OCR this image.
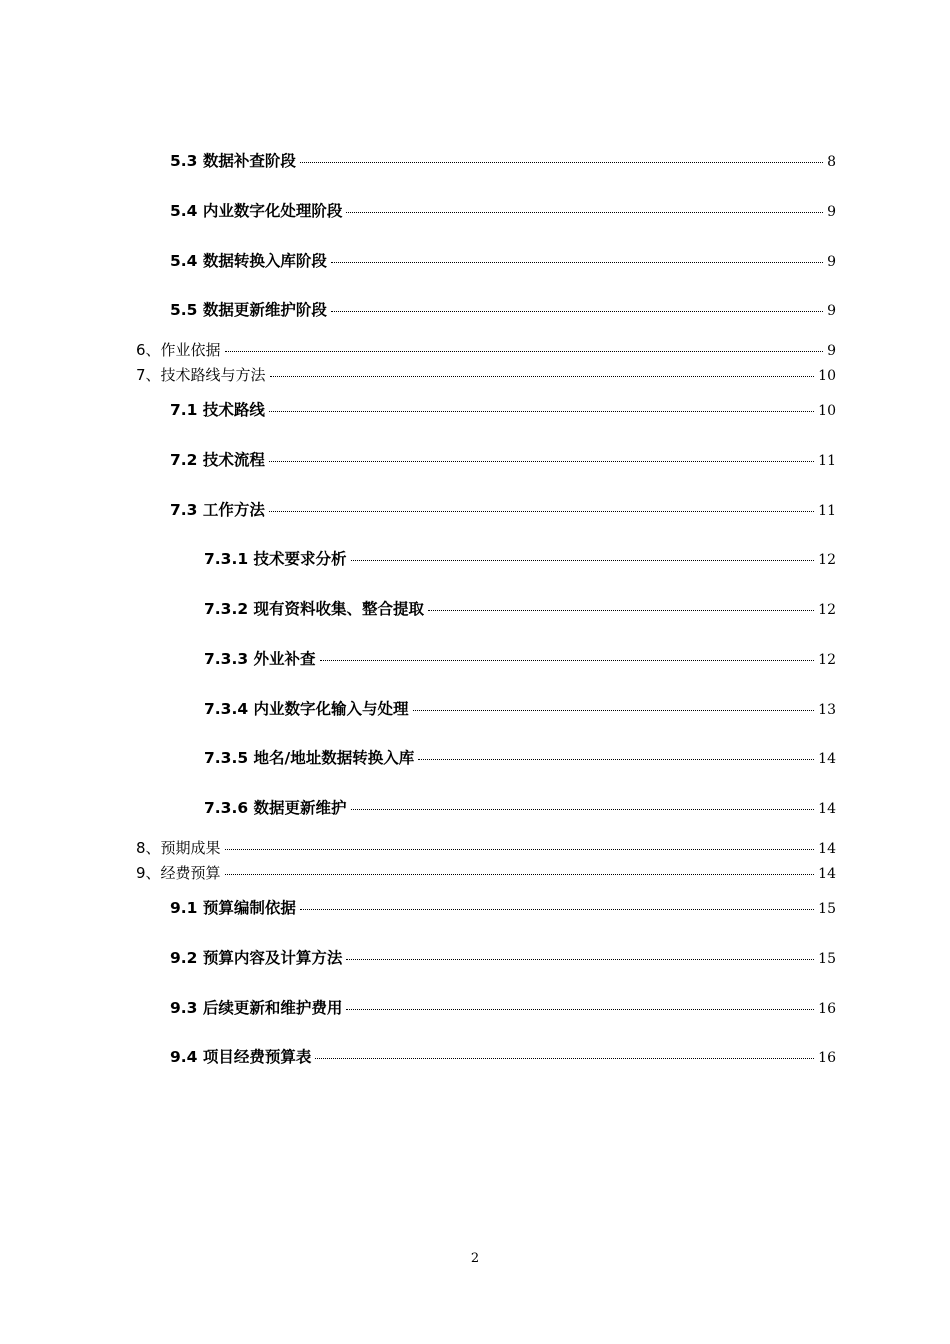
5.3 数据补查阶段	8
5.4 内业数字化处理阶段	9
5.4 数据转换入库阶段	9
5.5 数据更新维护阶段	9
6、作业依据	9
7、技术路线与方法	10
7.1 技术路线	10
7.2 技术流程	11
7.3 工作方法	11
7.3.1 技术要求分析	12
7.3.2 现有资料收集、整合提取	12
7.3.3 外业补查	12
7.3.4 内业数字化输入与处理	13
7.3.5 地名/地址数据转换入库	14
7.3.6 数据更新维护	14
8、预期成果	14
9、经费预算	14
9.1 预算编制依据	15
9.2 预算内容及计算方法	15
9.3 后续更新和维护费用	16
9.4 项目经费预算表	16
2
